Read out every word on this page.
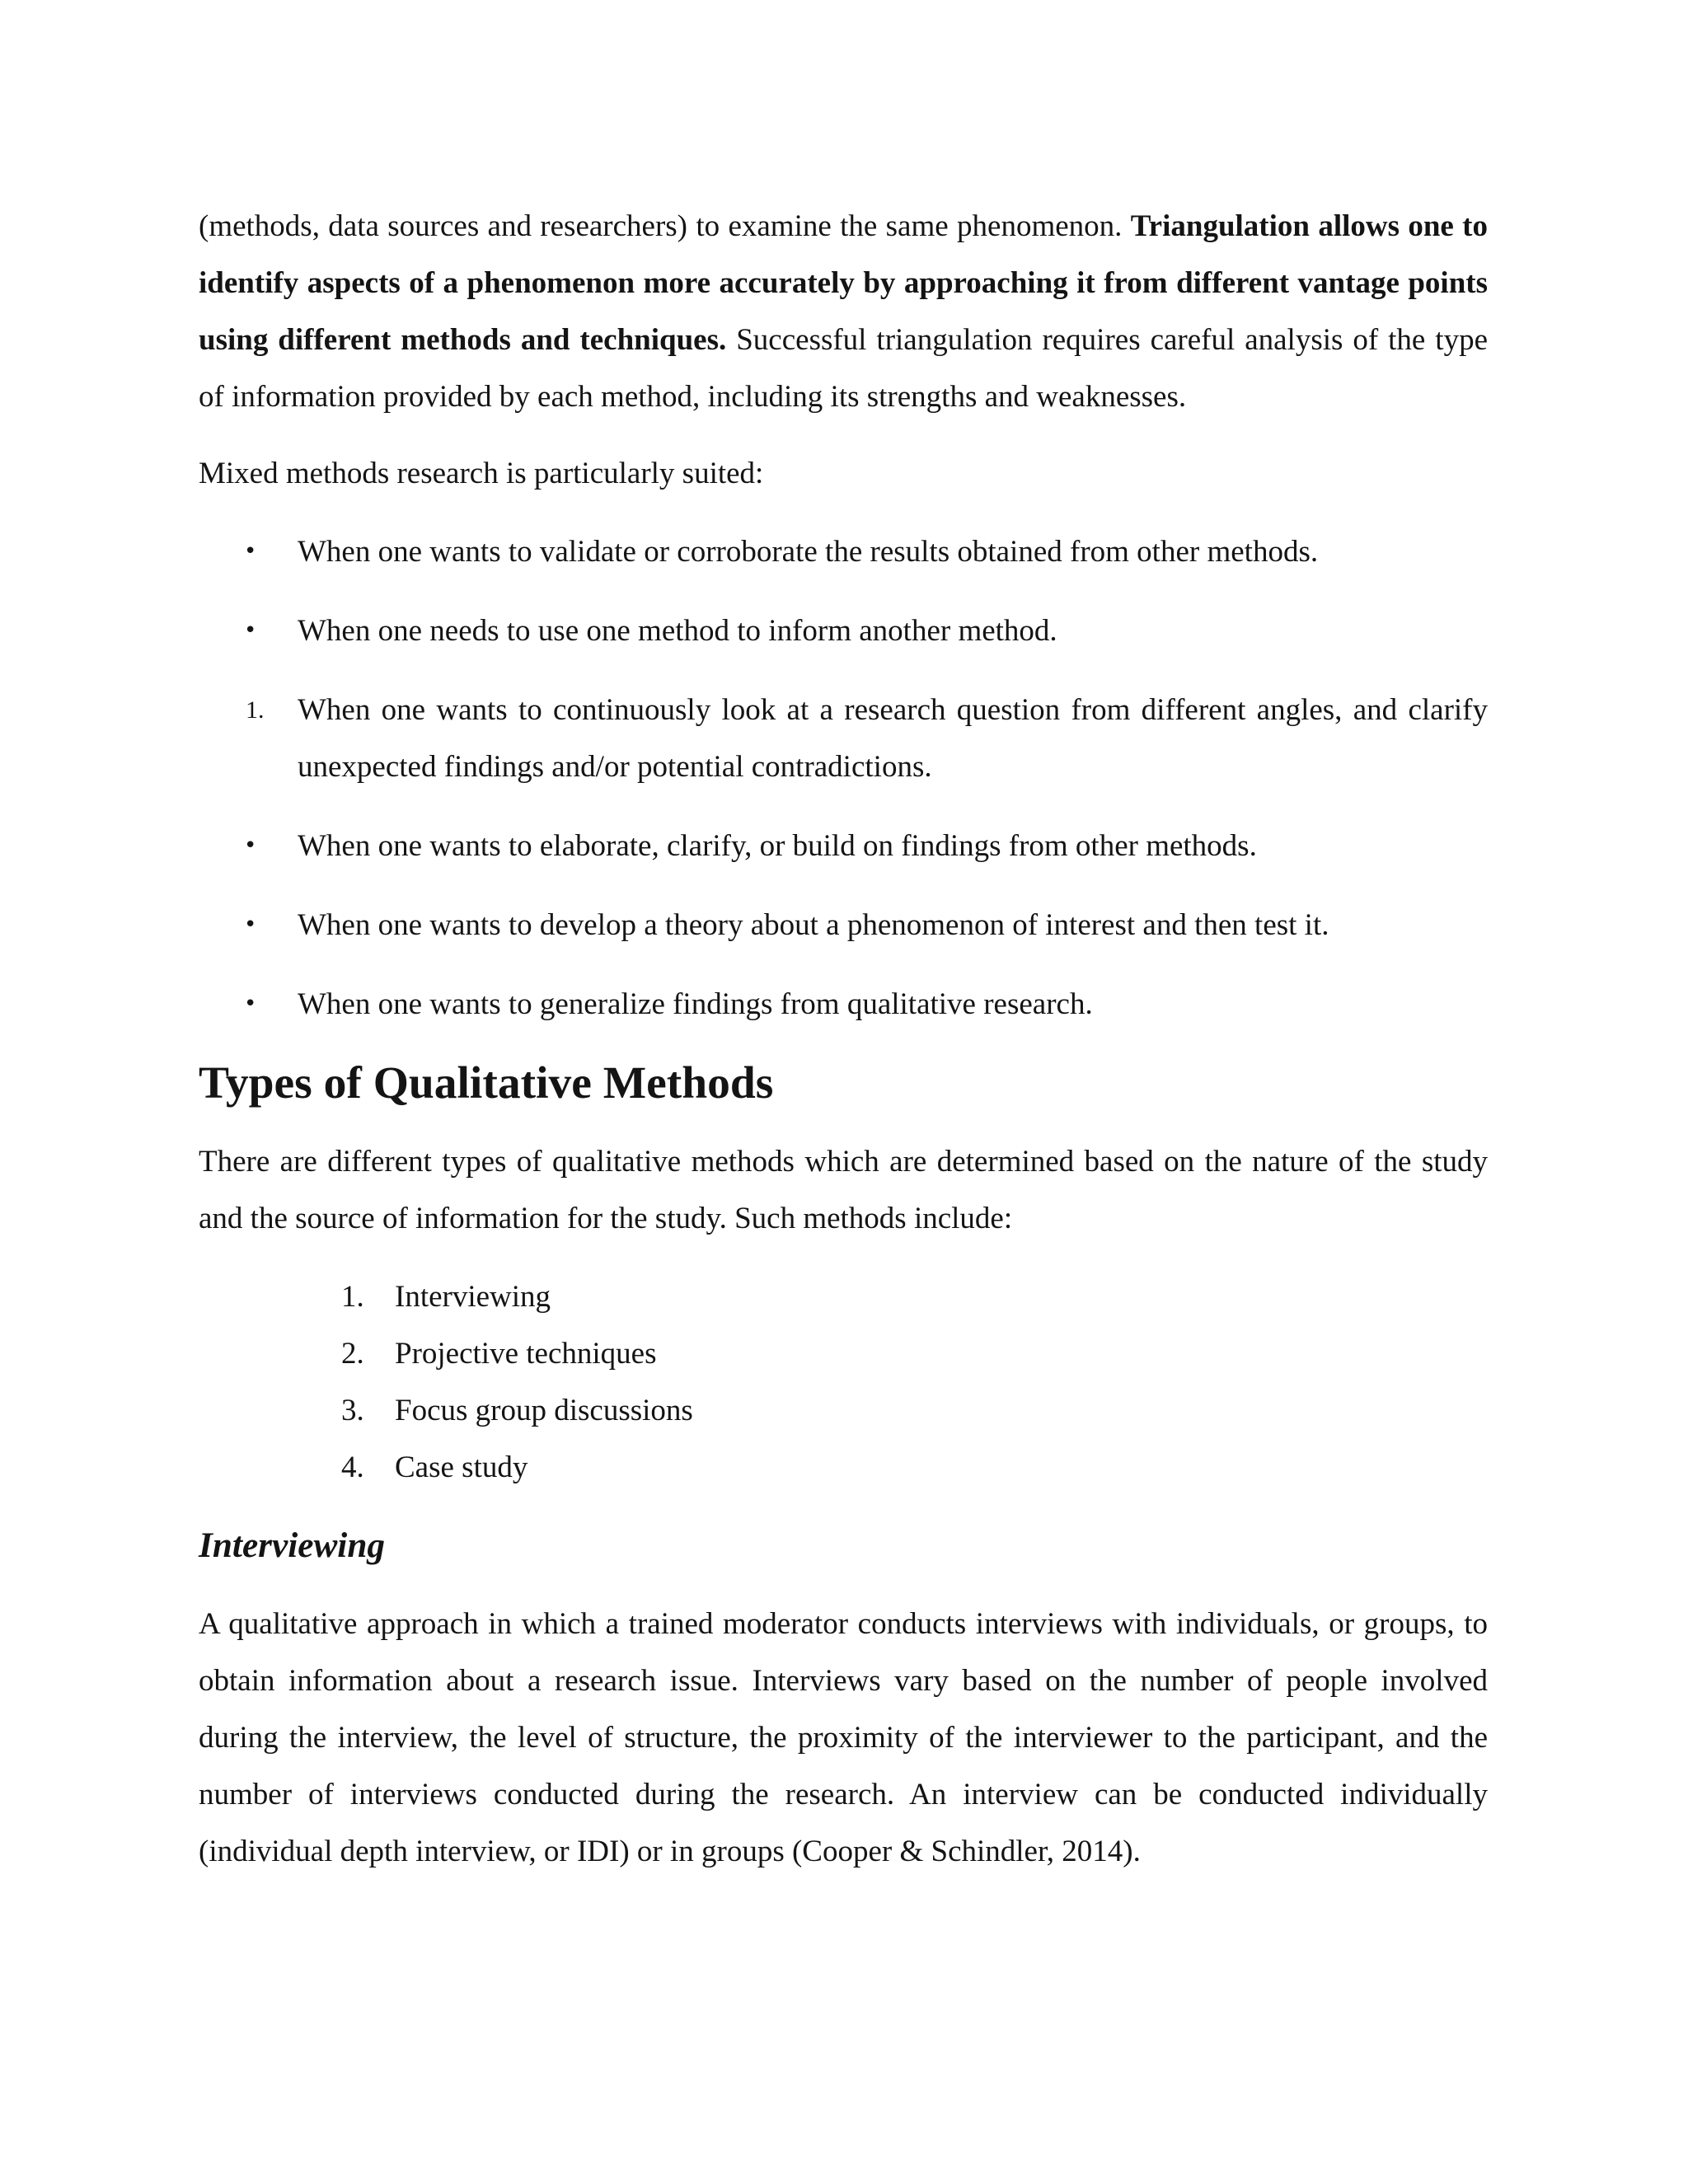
(methods, data sources and researchers) to examine the same phenomenon. Triangulation allows one to identify aspects of a phenomenon more accurately by approaching it from different vantage points using different methods and techniques. Successful triangulation requires careful analysis of the type of information provided by each method, including its strengths and weaknesses.

Mixed methods research is particularly suited:

•	When one wants to validate or corroborate the results obtained from other methods.
•	When one needs to use one method to inform another method.
1.	When one wants to continuously look at a research question from different angles, and clarify unexpected findings and/or potential contradictions.
•	When one wants to elaborate, clarify, or build on findings from other methods.
•	When one wants to develop a theory about a phenomenon of interest and then test it.
•	When one wants to generalize findings from qualitative research.
Types of Qualitative Methods

There are different types of qualitative methods which are determined based on the nature of the study and the source of information for the study. Such methods include:

1. Interviewing
2. Projective techniques
3. Focus group discussions
4. Case study
Interviewing

A qualitative approach in which a trained moderator conducts interviews with individuals, or groups, to obtain information about a research issue. Interviews vary based on the number of people involved during the interview, the level of structure, the proximity of the interviewer to the participant, and the number of interviews conducted during the research. An interview can be conducted individually (individual depth interview, or IDI) or in groups (Cooper & Schindler, 2014).
